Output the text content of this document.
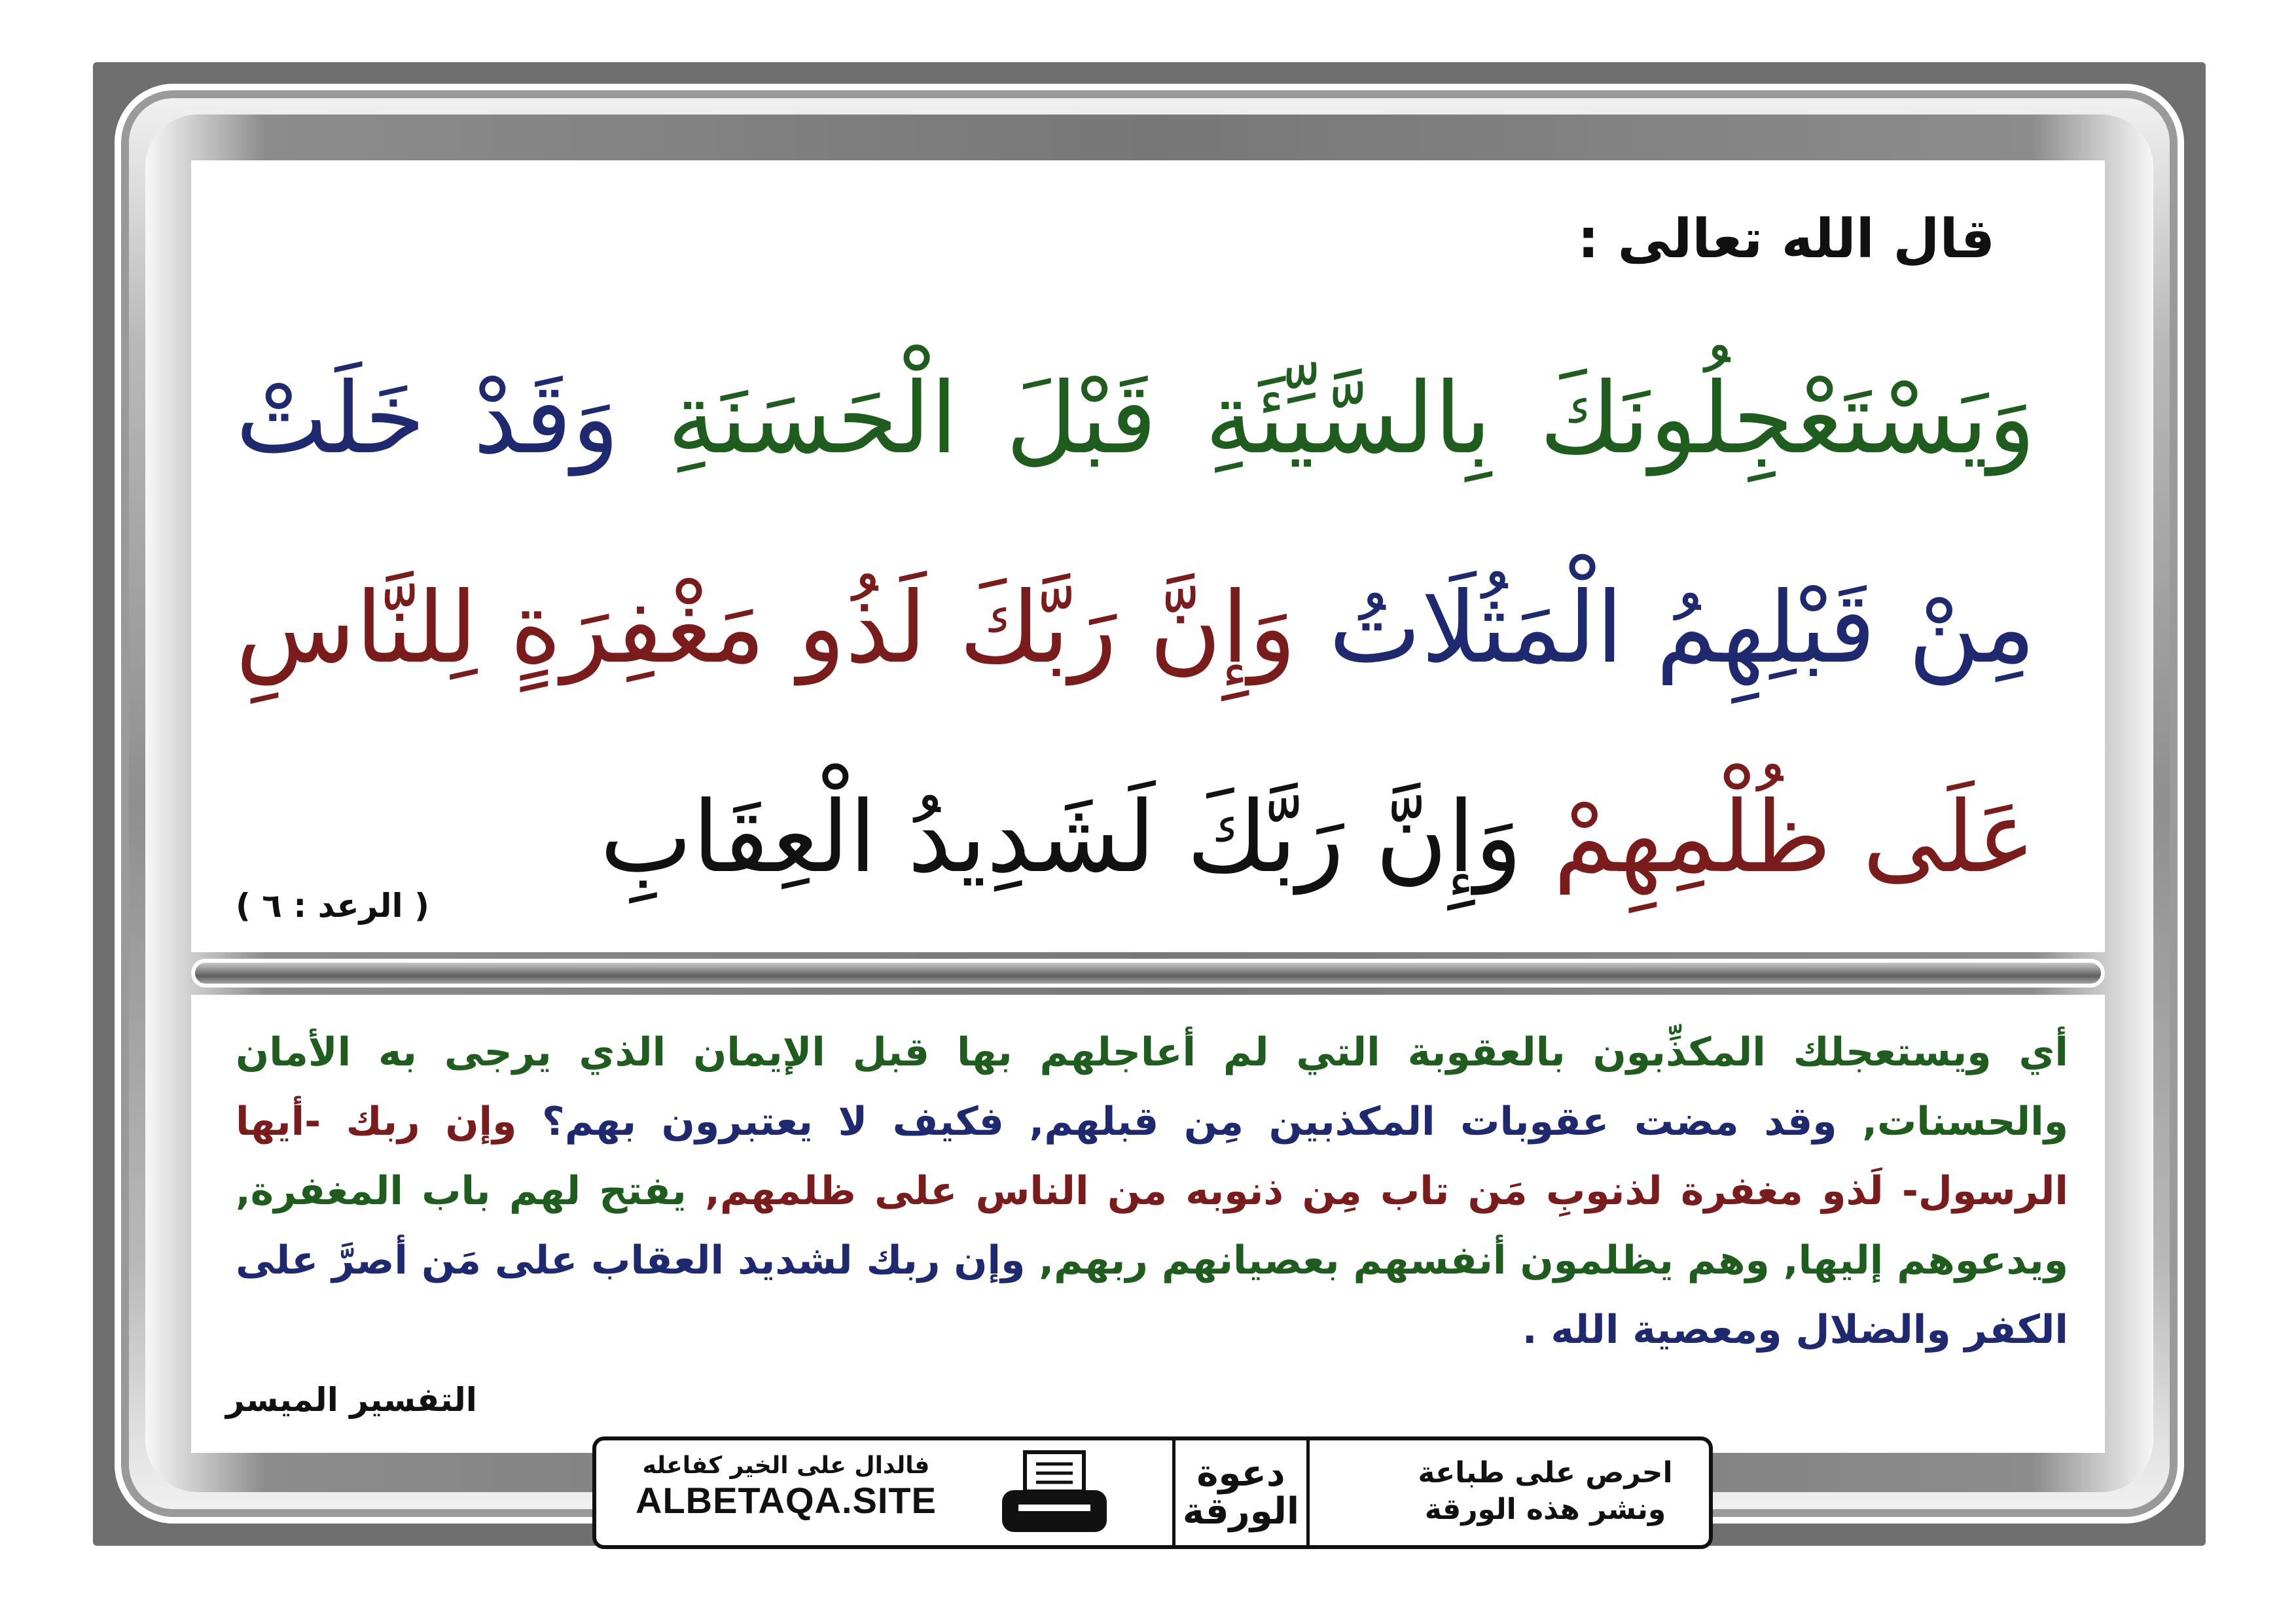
قال الله تعالى :
وَيَسْتَعْجِلُونَكَ بِالسَّيِّئَةِ قَبْلَ الْحَسَنَةِ وَقَدْ خَلَتْ مِنْ قَبْلِهِمُ الْمَثُلَاتُ وَإِنَّ رَبَّكَ لَذُو مَغْفِرَةٍ لِلنَّاسِ عَلَى ظُلْمِهِمْ وَإِنَّ رَبَّكَ لَشَدِيدُ الْعِقَابِ
( الرعد : ٦ )
أي ويستعجلك المكذِّبون بالعقوبة التي لم أعاجلهم بها قبل الإيمان الذي يرجى به الأمان والحسنات, وقد مضت عقوبات المكذبين مِن قبلهم, فكيف لا يعتبرون بهم؟ وإن ربك -أيها الرسول- لَذو مغفرة لذنوبِ مَن تاب مِن ذنوبه من الناس على ظلمهم, يفتح لهم باب المغفرة, ويدعوهم إليها, وهم يظلمون أنفسهم بعصيانهم ربهم, وإن ربك لشديد العقاب على مَن أصرَّ على الكفر والضلال ومعصية الله .
التفسير الميسر
فالدال على الخير كفاعله
ALBETAQA.SITE
دعوة
الورقة
احرص على طباعة
ونشر هذه الورقة
